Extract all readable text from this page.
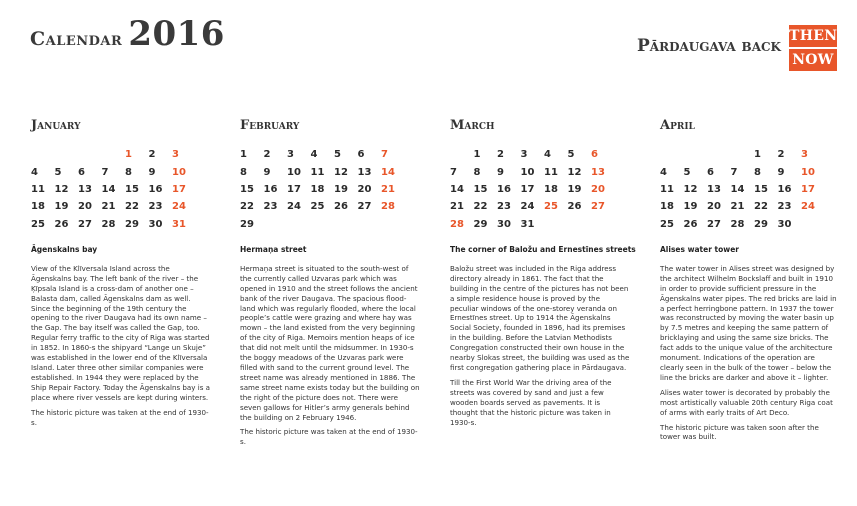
Calendar 2016	Pārdaugava back THEN
NOW
January
				1	2	3
4	5	6	7	8	9	10
11	12	13	14	15	16	17
18	19	20	21	22	23	24
25	26	27	28	29	30	31
Āgenskalns bay

View of the Klīversala Island across the Āgenskalns bay. The left bank of the river – the Ķīpsala Island is a cross-dam of another one – Balasta dam, called Āgenskalns dam as well. Since the beginning of the 19th century the opening to the river Daugava had its own name – the Gap. The bay itself was called the Gap, too. Regular ferry traffic to the city of Riga was started in 1852. In 1860-s the shipyard “Lange un Skuje” was established in the lower end of the Klīversala Island. Later three other similar companies were established. In 1944 they were replaced by the Ship Repair Factory. Today the Āgenskalns bay is a place where river vessels are kept during winters.

The historic picture was taken at the end of 1930-s.

February
1	2	3	4	5	6	7
8	9	10	11	12	13	14
15	16	17	18	19	20	21
22	23	24	25	26	27	28
29						
Hermaņa street

Hermaņa street is situated to the south-west of the currently called Uzvaras park which was opened in 1910 and the street follows the ancient bank of the river Daugava. The spacious flood-land which was regularly flooded, where the local people’s cattle were grazing and where hay was mown – the land existed from the very beginning of the city of Riga. Memoirs mention heaps of ice that did not melt until the midsummer. In 1930-s the boggy meadows of the Uzvaras park were filled with sand to the current ground level. The street name was already mentioned in 1886. The same street name exists today but the building on the right of the picture does not. There were seven gallows for Hitler’s army generals behind the building on 2 February 1946.

The historic picture was taken at the end of 1930-s.

March
	1	2	3	4	5	6
7	8	9	10	11	12	13
14	15	16	17	18	19	20
21	22	23	24	25	26	27
28	29	30	31			
The corner of Baložu and Ernestīnes streets

Baložu street was included in the Riga address directory already in 1861. The fact that the building in the centre of the pictures has not been a simple residence house is proved by the peculiar windows of the one-storey veranda on Ernestīnes street. Up to 1914 the Āgenskalns Social Society, founded in 1896, had its premises in the building. Before the Latvian Methodists Congregation constructed their own house in the nearby Slokas street, the building was used as the first congregation gathering place in Pārdaugava.

Till the First World War the driving area of the streets was covered by sand and just a few wooden boards served as pavements. It is thought that the historic picture was taken in 1930-s.

April
				1	2	3
4	5	6	7	8	9	10
11	12	13	14	15	16	17
18	19	20	21	22	23	24
25	26	27	28	29	30	
Alises water tower

The water tower in Alises street was designed by the architect Wilhelm Bockslaff and built in 1910 in order to provide sufficient pressure in the Āgenskalns water pipes. The red bricks are laid in a perfect herringbone pattern. In 1937 the tower was reconstructed by moving the water basin up by 7.5 metres and keeping the same pattern of bricklaying and using the same size bricks. The fact adds to the unique value of the architecture monument. Indications of the operation are clearly seen in the bulk of the tower – below the line the bricks are darker and above it – lighter.

Alises water tower is decorated by probably the most artistically valuable 20th century Riga coat of arms with early traits of Art Deco.

The historic picture was taken soon after the tower was built.
